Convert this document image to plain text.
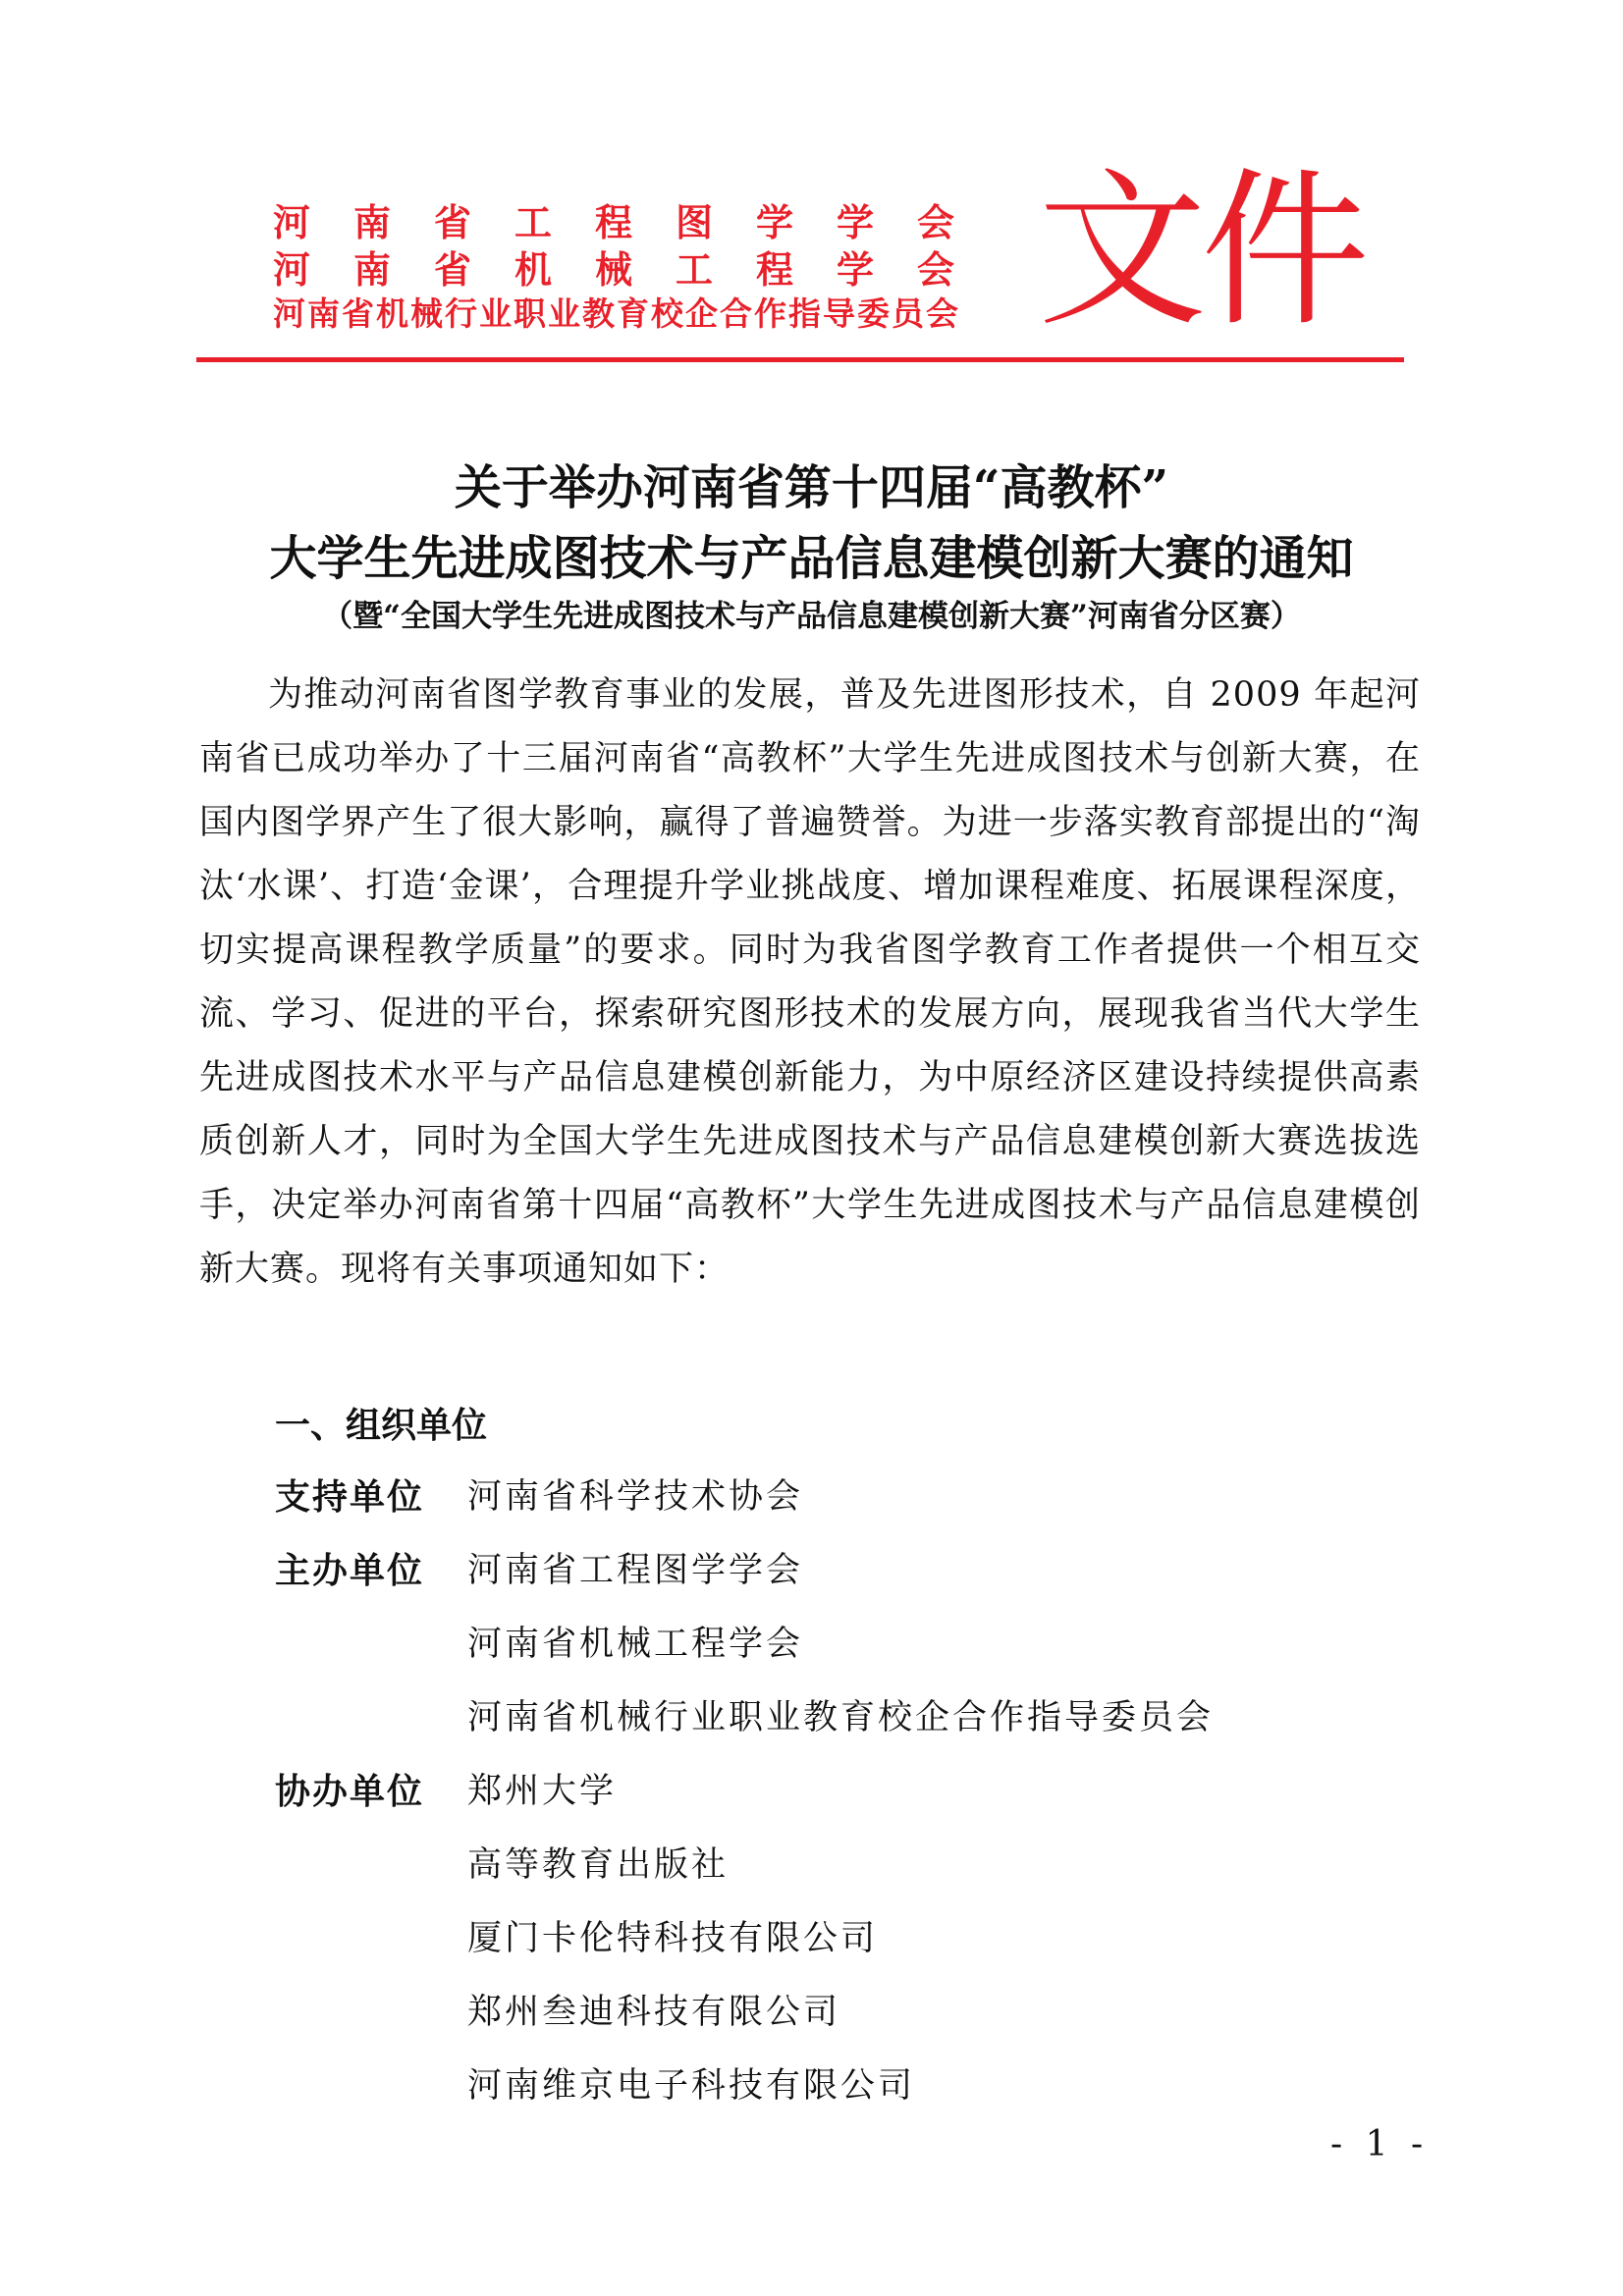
河南省工程图学学会
河南省机械工程学会
河南省机械行业职业教育校企合作指导委员会 文件
关于举办河南省第十四届“高教杯”
大学生先进成图技术与产品信息建模创新大赛的通知
（暨“全国大学生先进成图技术与产品信息建模创新大赛”河南省分区赛）
为推动河南省图学教育事业的发展，普及先进图形技术，自 2009 年起河南省已成功举办了十三届河南省“高教杯”大学生先进成图技术与创新大赛，在国内图学界产生了很大影响，赢得了普遍赞誉。为进一步落实教育部提出的“淘汰‘水课’、打造‘金课’，合理提升学业挑战度、增加课程难度、拓展课程深度，切实提高课程教学质量”的要求。同时为我省图学教育工作者提供一个相互交流、学习、促进的平台，探索研究图形技术的发展方向，展现我省当代大学生先进成图技术水平与产品信息建模创新能力，为中原经济区建设持续提供高素质创新人才，同时为全国大学生先进成图技术与产品信息建模创新大赛选拔选手，决定举办河南省第十四届“高教杯”大学生先进成图技术与产品信息建模创新大赛。现将有关事项通知如下：
一、组织单位
支持单位 河南省科学技术协会
主办单位 河南省工程图学学会
河南省机械工程学会
河南省机械行业职业教育校企合作指导委员会
协办单位 郑州大学
高等教育出版社
厦门卡伦特科技有限公司
郑州叁迪科技有限公司
河南维京电子科技有限公司
- 1 -
